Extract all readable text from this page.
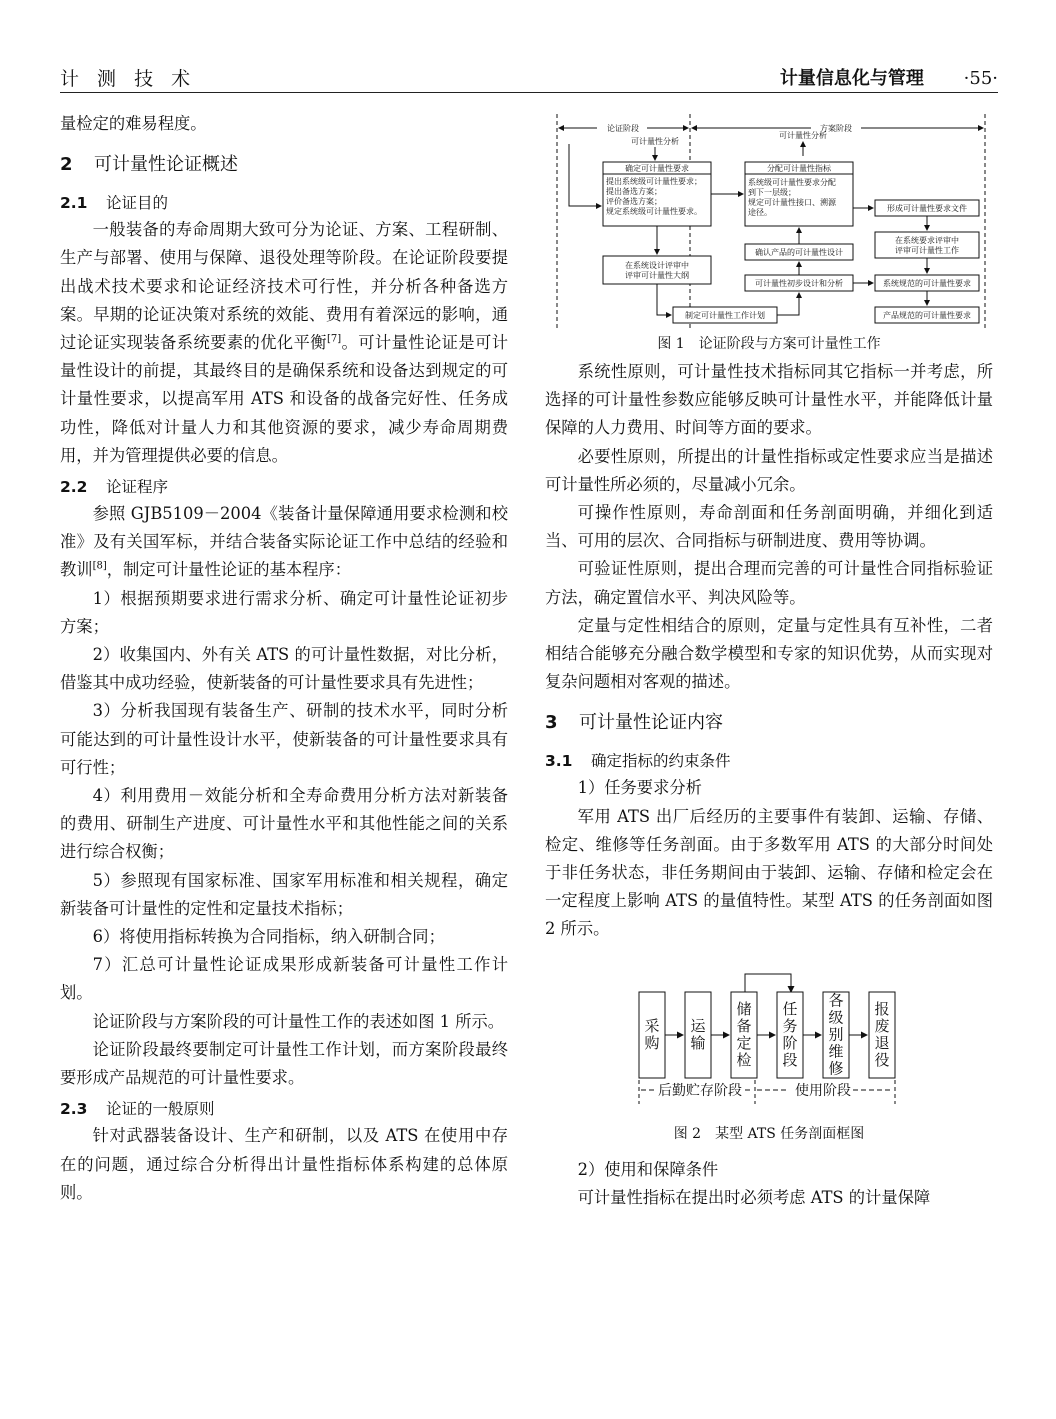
计 测 技 术	计量信息化与管理 ·55·

量检定的难易程度。

2 可计量性论证概述
2.1 论证目的

一般装备的寿命周期大致可分为论证、方案、工程研制、生产与部署、使用与保障、退役处理等阶段。在论证阶段要提出战术技术要求和论证经济技术可行性，并分析各种备选方案。早期的论证决策对系统的效能、费用有着深远的影响，通过论证实现装备系统要素的优化平衡[7]。可计量性论证是可计量性设计的前提，其最终目的是确保系统和设备达到规定的可计量性要求，以提高军用 ATS 和设备的战备完好性、任务成功性，降低对计量人力和其他资源的要求，减少寿命周期费用，并为管理提供必要的信息。

2.2 论证程序

参照 GJB5109－2004《装备计量保障通用要求检测和校准》及有关国军标，并结合装备实际论证工作中总结的经验和教训[8]，制定可计量性论证的基本程序：

1）根据预期要求进行需求分析、确定可计量性论证初步方案；

2）收集国内、外有关 ATS 的可计量性数据，对比分析，借鉴其中成功经验，使新装备的可计量性要求具有先进性；

3）分析我国现有装备生产、研制的技术水平，同时分析可能达到的可计量性设计水平，使新装备的可计量性要求具有可行性；

4）利用费用－效能分析和全寿命费用分析方法对新装备的费用、研制生产进度、可计量性水平和其他性能之间的关系进行综合权衡；

5）参照现有国家标准、国家军用标准和相关规程，确定新装备可计量性的定性和定量技术指标；

6）将使用指标转换为合同指标，纳入研制合同；

7）汇总可计量性论证成果形成新装备可计量性工作计划。

论证阶段与方案阶段的可计量性工作的表述如图 1 所示。

论证阶段最终要制定可计量性工作计划，而方案阶段最终要形成产品规范的可计量性要求。

2.3 论证的一般原则

针对武器装备设计、生产和研制，以及 ATS 在使用中存在的问题，通过综合分析得出计量性指标体系构建的总体原则。

论证阶段	方案阶段
可计量性分析
可计量性分析
确定可计量性要求
提出系统级可计量性要求；
提出备选方案；
评价备选方案；
规定系统级可计量性要求。
分配可计量性指标
系统级可计量性要求分配
到下一层级；
规定可计量性接口、溯源
途径。	形成可计量性要求文件
在系统要求评审中
评审可计量性工作
系统规范的可计量性要求
产品规范的可计量性要求
确认产品的可计量性设计
可计量性初步设计和分析
在系统设计评审中
评审可计量性大纲
制定可计量性工作计划
图 1　论证阶段与方案可计量性工作

系统性原则，可计量性技术指标同其它指标一并考虑，所选择的可计量性参数应能够反映可计量性水平，并能降低计量保障的人力费用、时间等方面的要求。

必要性原则，所提出的计量性指标或定性要求应当是描述可计量性所必须的，尽量减小冗余。

可操作性原则，寿命剖面和任务剖面明确，并细化到适当、可用的层次、合同指标与研制进度、费用等协调。

可验证性原则，提出合理而完善的可计量性合同指标验证方法，确定置信水平、判决风险等。

定量与定性相结合的原则，定量与定性具有互补性，二者相结合能够充分融合数学模型和专家的知识优势，从而实现对复杂问题相对客观的描述。

3 可计量性论证内容
3.1 确定指标的约束条件

1）任务要求分析

军用 ATS 出厂后经历的主要事件有装卸、运输、存储、检定、维修等任务剖面。由于多数军用 ATS 的大部分时间处于非任务状态，非任务期间由于装卸、运输、存储和检定会在一定程度上影响 ATS 的量值特性。某型 ATS 的任务剖面如图 2 所示。

采
购
运
输
储
备
定
检
任
务
阶
段
各
级
别
维
修
报
废
退
役
后勤贮存阶段	使用阶段
图 2　某型 ATS 任务剖面框图

2）使用和保障条件

可计量性指标在提出时必须考虑 ATS 的计量保障
